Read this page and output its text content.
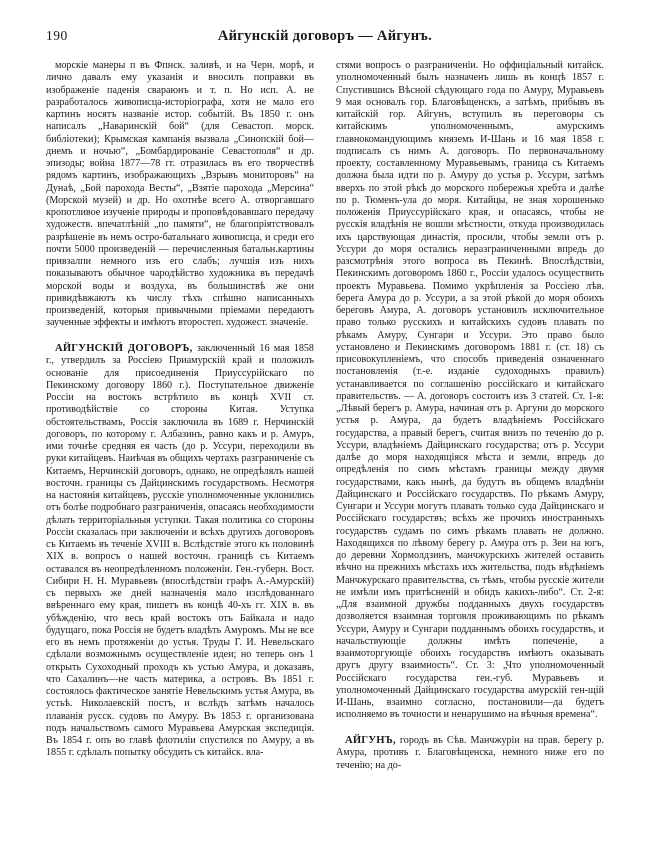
190	Айгунскій договоръ — Айгунъ.

морскіе манеры п въ Фпнск. заливѣ, и на Черн. морѣ, и лично давалъ ему указанія и вносилъ поправки въ изображеніе паденія свараюнъ и т. п. Но исп. А. не разработалось живописца-исторіографа, хотя не мало его картинъ носятъ названіе истор. событій. Въ 1850 г. онъ написалъ „Наваринскій бой“ (для Севастоп. морск. библіотеки); Крымская кампанія вызвала „Синопскій бой—днемъ и ночью“, „Бомбардированіе Севастополя“ и др. эпизоды; война 1877—78 гг. отразилась въ его творчествѣ рядомъ картинъ, изображающихъ „Взрывъ мониторовъ“ на Дунаѣ, „Бой парохода Весты“, „Взятіе парохода „Мерсина“ (Морской музей) и др. Но охотнѣе всего А. отворгавшаго кропотливое изученіе природы и проповѣдовавшаго передачу художеств. впечатлѣній „по памяти“, не благопріятствовалъ разрѣшеніе въ немъ остро-батальнаго живописца, и среди его почти 5000 произведеній — перечисленныя батальн.картины привзалпи немного изъ его слабъ; лучшія изъ нихъ показываютъ обычное чародѣйство художника въ передачѣ морской воды и воздуха, въ большинствѣ же они привидѣвжаютъ къ числу тѣхъ спѣшно написанныхъ произведеній, которыя привычными пріемами передаютъ заученные эффекты и имѣютъ второстеп. художест. значеніе.

АЙГУНСКІЙ ДОГОВОРЪ, заключенный 16 мая 1858 г., утвердилъ за Россіею Приамурскій край и положилъ основаніе для присоединенія Приуссурійскаго по Пекинскому договору 1860 г.). Поступательное движеніе Россіи на востокъ встрѣтило въ концѣ XVII ст. противодѣйствіе со стороны Китая. Уступка обстоятельствамъ, Россія заключила въ 1689 г. Нерчинскій договоръ, по которому г. Албазинъ, равно какъ и р. Амуръ, ими точнѣе средняя ея часть (до р. Уссури, переходили въ руки китайцевъ. Наиѣчая въ общихъ чертахъ разграниченіе съ Китаемъ, Нерчинскій договоръ, однако, не опредѣлялъ нашей восточн. границы съ Дайцинскимъ государствомъ. Несмотря на настоянія китайцевъ, русскіе уполномоченные уклонились отъ болѣе подробнаго разграниченія, опасаясь необходимости дѣлать территоріальныя уступки. Такая политика со стороны Россіи сказалась при заключеніи и всѣхъ другихъ договоровъ съ Китаемъ въ теченіе XVIII в. Вслѣдствіе этого къ половинѣ XIX в. вопросъ о нашей восточн. границѣ съ Китаемъ оставался въ неопредѣленномъ положеніи. Ген.-губерн. Вост. Сибири Н. Н. Муравьевъ (впослѣдствіи графъ А.-Амурскій) съ первыхъ же дней назначенія мало изслѣдованнаго ввѣреннаго ему края, пишетъ въ концѣ 40-хъ гг. XIX в. въ убѣжденію, что весь край востокъ отъ Байкала и надо будущаго, пока Россія не будетъ владѣть Амуромъ. Мы не все его въ немъ протяженіи до устья. Труды Г. И. Невельскаго сдѣлали возможнымъ осуществленіе идеи; но теперь онъ 1 открыть Сухоходный проходъ къ устью Амура, и доказавъ, что Сахалинъ—не часть материка, а островъ. Въ 1851 г. состоялось фактическое занятіе Невельскимъ устья Амура, въ устьѣ. Николаевскій постъ, и вслѣдъ затѣмъ началось плаванія русск. судовъ по Амуру. Въ 1853 г. организована подъ начальствомъ самого Муравьева Амурская экспедиція. Въ 1854 г. опъ во главѣ флотиліи спустился по Амуру, а въ 1855 г. сдѣлалъ попытку обсудить съ китайск. вла-

стями вопросъ о разграниченіи. Но оффиціальный китайск. уполномоченный былъ назначенъ лишь въ концѣ 1857 г. Спустившись Вѣсной сѣдующаго года по Амуру, Муравьевъ 9 мая основалъ гор. Благовѣщенскъ, а затѣмъ, прибывъ въ китайскій гор. Айгунъ, вступилъ въ переговоры съ китайскимъ уполномоченнымъ, амурскимъ главнокомандующимъ княземъ И-Шань и 16 мая 1858 г. подписалъ съ нимъ А. договоръ. По первоначальному проекту, составленному Муравьевымъ, граница съ Китаемъ должна была идти по р. Амуру до устья р. Уссури, затѣмъ вверхъ по этой рѣкѣ до морского побережья хребта и далѣе по р. Тюменъ-ула до моря. Китайцы, не зная хорошенько положенія Приуссурійскаго края, и опасаясь, чтобы не русскія владѣнія не вошли мѣстности, откуда производилась ихъ царствующая династія, просили, чтобы земли отъ р. Уссури до моря остались неразграниченными впредь до разсмотрѣнія этого вопроса въ Пекинѣ. Впослѣдствіи, Пекинскимъ договоромъ 1860 г., Россіи удалось осуществить проектъ Муравьева. Помимо укрѣпленія за Россіею лѣв. берега Амура до р. Уссури, а за этой рѣкой до моря обоихъ береговъ Амура, А. договоръ установилъ исключительное право только русскихъ и китайскихъ судовъ плавать по рѣкамъ Амуру, Сунгари и Уссури. Это право было установлено и Пекинскимъ договоромъ 1881 г. (ст. 18) съ присовокупленіемъ, что способъ приведенія означеннаго постановленія (т.-е. изданіе судоходныхъ правилъ) устанавливается по соглашенію россійскаго и китайскаго правительствъ. — А. договоръ состоитъ изъ 3 статей. Ст. 1-я: „Лѣвый берегъ р. Амура, начиная отъ р. Аргуни до морского устья р. Амура, да будетъ владѣніемъ Россійскаго государства, а правый берегъ, считая внизъ по теченію до р. Уссури, владѣніемъ Дайцинскаго государства; отъ р. Уссури далѣе до моря находящіяся мѣста и земли, впредь до опредѣленія по симъ мѣстамъ границы между двумя государствами, какъ нынѣ, да будутъ въ общемъ владѣніи Дайцинскаго и Россійскаго государствъ. По рѣкамъ Амуру, Сунгари и Уссури могутъ плавать только суда Дайцинскаго и Россійскаго государствъ; всѣхъ же прочихъ иностранныхъ государствъ судамъ по симъ рѣкамъ плавать не должно. Находящихся по лѣвому берегу р. Амура отъ р. Зеи на югъ, до деревни Хормолдзинъ, манчжурскихъ жителей оставить вѣчно на прежнихъ мѣстахъ ихъ жительства, подъ вѣдѣніемъ Манчжурскаго правительства, съ тѣмъ, чтобы русскіе жители не имѣли имъ притѣсненій и обидъ какихъ-либо“. Ст. 2-я: „Для взаимной дружбы подданныхъ двухъ государствъ дозволяется взаимная торговля проживающимъ по рѣкамъ Уссури, Амуру и Сунгари подданнымъ обоихъ государствъ, и начальствующіе должны имѣть попеченіе, а взаимоторгующіе обоихъ государствъ имѣютъ оказывать другъ другу взаимность“. Ст. 3: „Что уполномоченный Россійскаго государства ген.-губ. Муравьевъ и уполномоченный Дайцинскаго государства амурскій ген-щій И-Шань, взаимно согласно, постановили—да будетъ исполняемо въ точности и ненарушимо на вѣчныя времена“.

АЙГУНЪ, городъ въ Сѣв. Манчжуріи на прав. берегу р. Амура, противъ г. Благовѣщенска, немного ниже его по теченію; на до-
